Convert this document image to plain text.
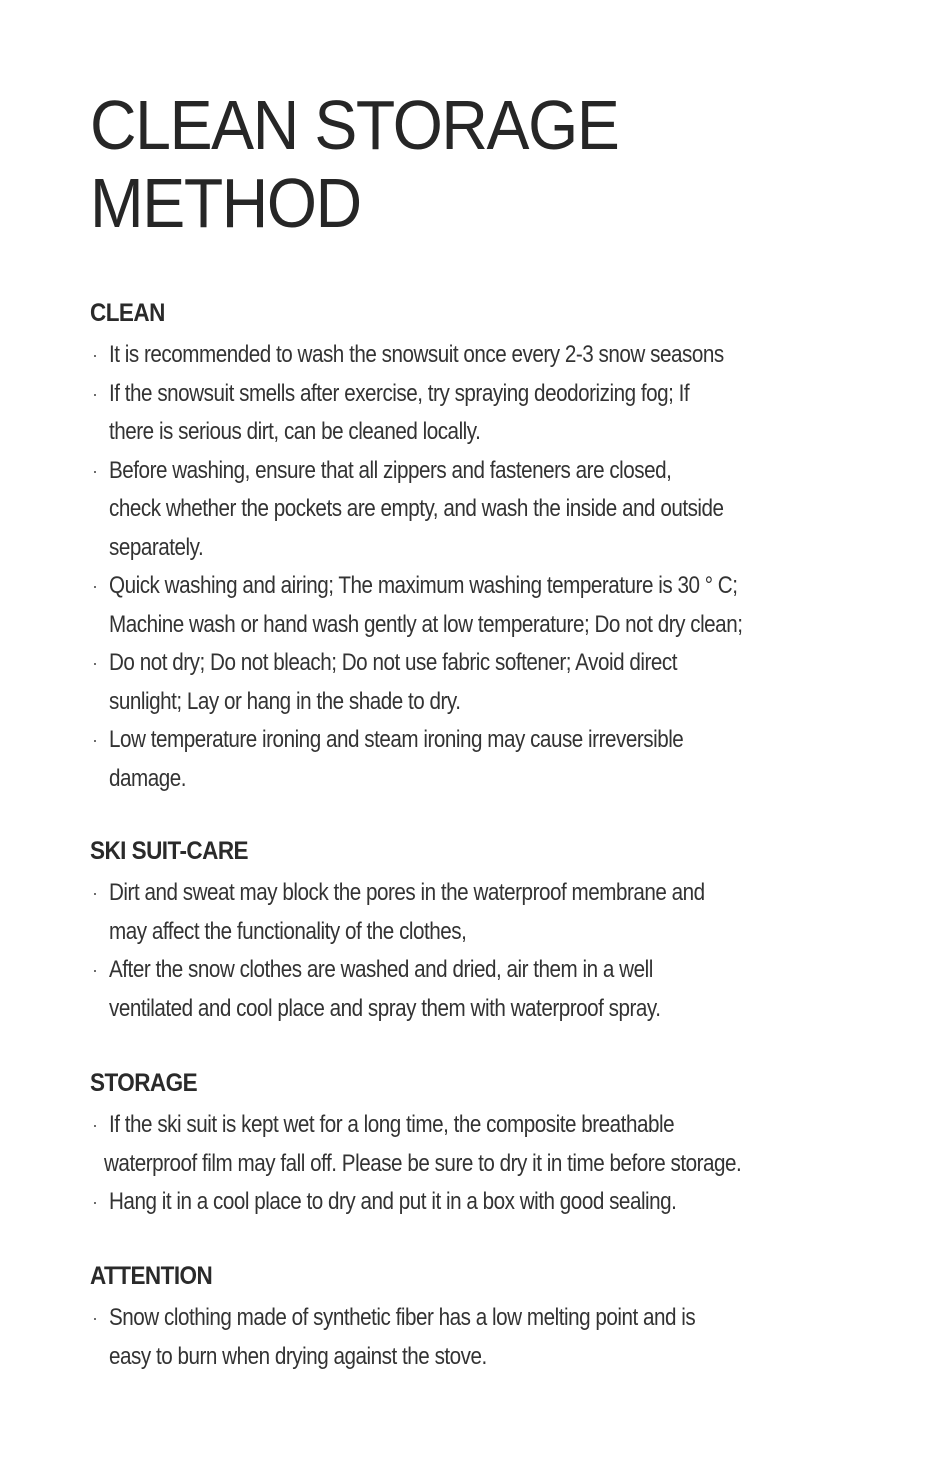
CLEAN STORAGE
METHOD
CLEAN
· It is recommended to wash the snowsuit once every 2-3 snow seasons
· If the snowsuit smells after exercise, try spraying deodorizing fog; If
there is serious dirt, can be cleaned locally.
· Before washing, ensure that all zippers and fasteners are closed,
check whether the pockets are empty, and wash the inside and outside
separately.
· Quick washing and airing; The maximum washing temperature is 30 ° C;
Machine wash or hand wash gently at low temperature; Do not dry clean;
· Do not dry; Do not bleach; Do not use fabric softener; Avoid direct
sunlight; Lay or hang in the shade to dry.
· Low temperature ironing and steam ironing may cause irreversible
damage.
SKI SUIT-CARE
· Dirt and sweat may block the pores in the waterproof membrane and
may affect the functionality of the clothes,
· After the snow clothes are washed and dried, air them in a well
ventilated and cool place and spray them with waterproof spray.
STORAGE
· If the ski suit is kept wet for a long time, the composite breathable
waterproof film may fall off. Please be sure to dry it in time before storage.
· Hang it in a cool place to dry and put it in a box with good sealing.
ATTENTION
· Snow clothing made of synthetic fiber has a low melting point and is
easy to burn when drying against the stove.
